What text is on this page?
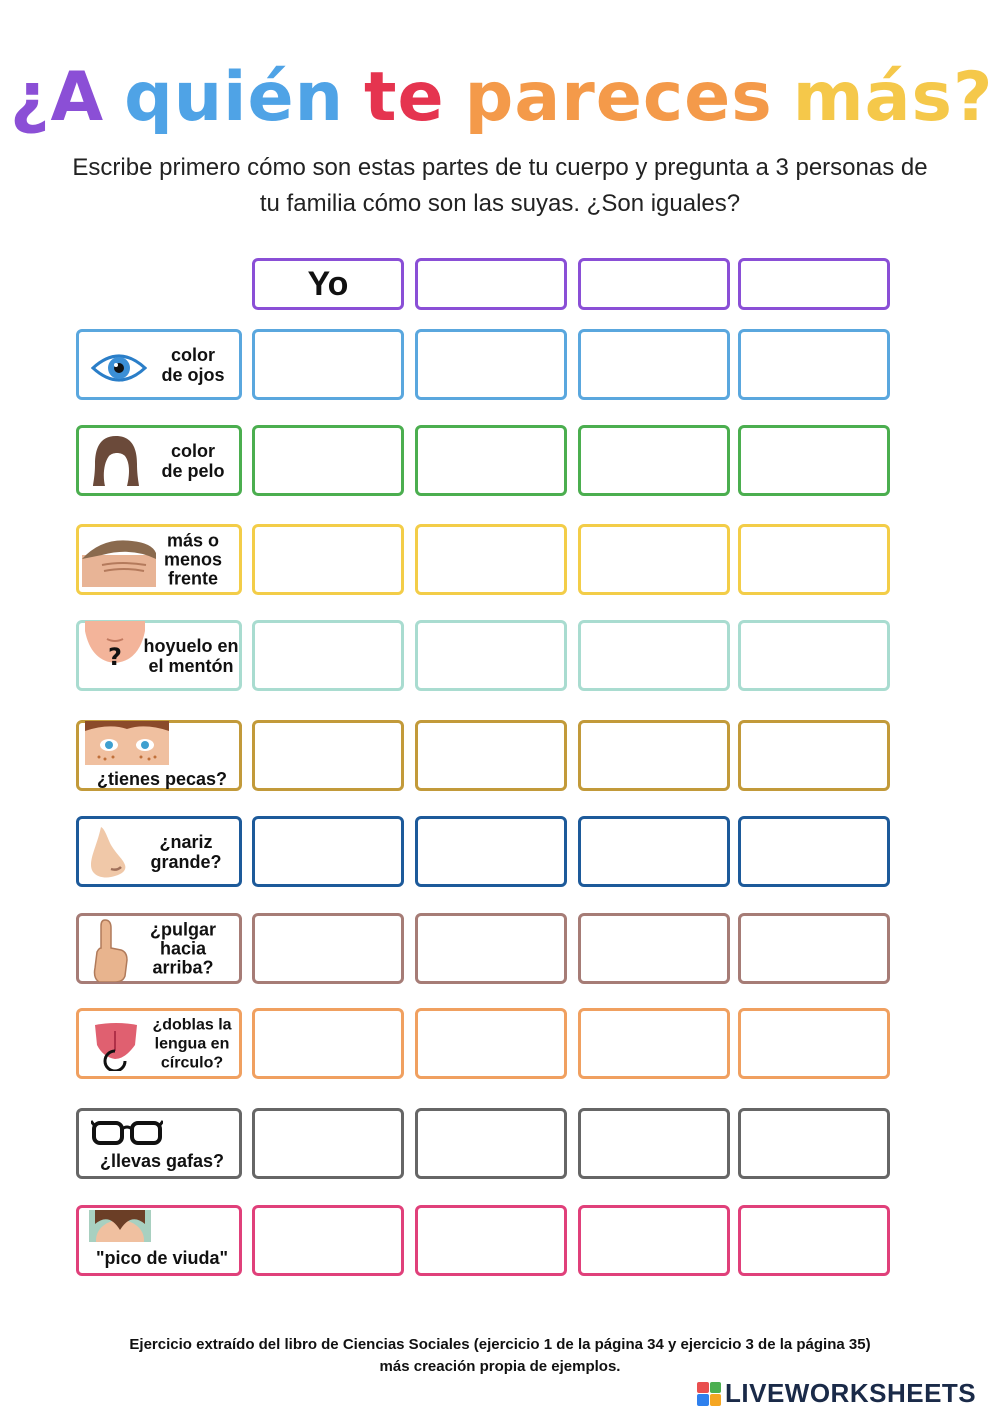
¿A quién te pareces más?
Escribe primero cómo son estas partes de tu cuerpo y pregunta a 3 personas de tu familia cómo son las suyas. ¿Son iguales?
Yo
color
de ojos
color
de pelo
más o
menos
frente
? hoyuelo en
el mentón
¿tienes pecas?
¿nariz
grande?
¿pulgar
hacia
arriba?
¿doblas la
lengua en
círculo?
¿llevas gafas?
"pico de viuda"
Ejercicio extraído del libro de Ciencias Sociales (ejercicio 1 de la página 34 y ejercicio 3 de la página 35)
más creación propia de ejemplos.
LIVEWORKSHEETS
